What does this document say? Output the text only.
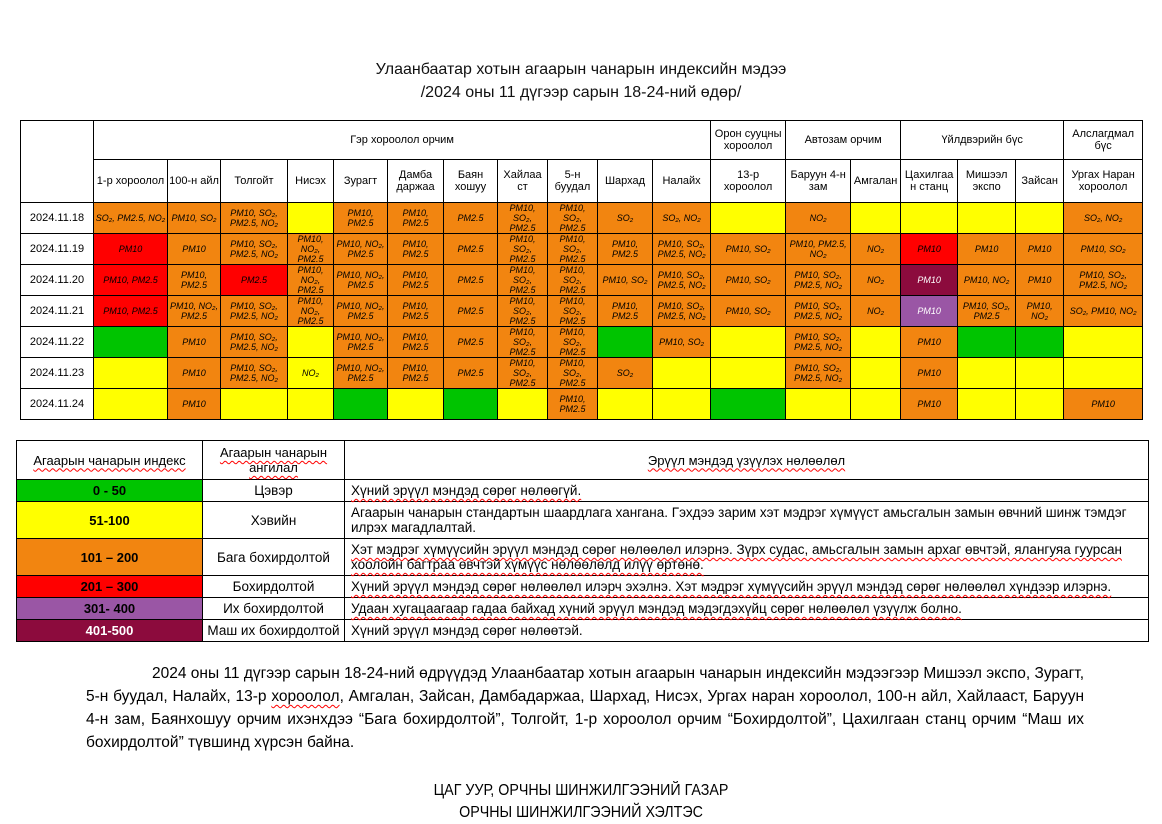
Улаанбаатар хотын агаарын чанарын индексийн мэдээ
/2024 оны 11 дүгээр сарын 18-24-ний өдөр/
	Гэр хороолол орчим											Орон сууцны хороолол	Автозам орчим		Үйлдвэрийн бүс			Алслагдмал бүс
	1-р хороолол	100-н айл	Толгойт	Нисэх	Зурагт	Дамба даржаа	Баян хошуу	Хайлаа ст	5-н буудал	Шархад	Налайх	13-р хороолол	Баруун 4-н зам	Амгалан	Цахилгаан станц	Мишээл экспо	Зайсан	Ургах Наран хороолол
2024.11.18	SO₂, PM2.5, NO₂	PM10, SO₂	PM10, SO₂, PM2.5, NO₂		PM10, PM2.5	PM10, PM2.5	PM2.5	PM10, SO₂, PM2.5	PM10, SO₂, PM2.5	SO₂	SO₂, NO₂		NO₂					SO₂, NO₂
2024.11.19	PM10	PM10	PM10, SO₂, PM2.5, NO₂	PM10, NO₂, PM2.5	PM10, NO₂, PM2.5	PM10, PM2.5	PM2.5	PM10, SO₂, PM2.5	PM10, SO₂, PM2.5	PM10, PM2.5	PM10, SO₂, PM2.5, NO₂	PM10, SO₂	PM10, PM2.5, NO₂	NO₂	PM10	PM10	PM10	PM10, SO₂
2024.11.20	PM10, PM2.5	PM10, PM2.5	PM2.5	PM10, NO₂, PM2.5	PM10, NO₂, PM2.5	PM10, PM2.5	PM2.5	PM10, SO₂, PM2.5	PM10, SO₂, PM2.5	PM10, SO₂	PM10, SO₂, PM2.5, NO₂	PM10, SO₂	PM10, SO₂, PM2.5, NO₂	NO₂	PM10	PM10, NO₂	PM10	PM10, SO₂, PM2.5, NO₂
2024.11.21	PM10, PM2.5	PM10, NO₂, PM2.5	PM10, SO₂, PM2.5, NO₂	PM10, NO₂, PM2.5	PM10, NO₂, PM2.5	PM10, PM2.5	PM2.5	PM10, SO₂, PM2.5	PM10, SO₂, PM2.5	PM10, PM2.5	PM10, SO₂, PM2.5, NO₂	PM10, SO₂	PM10, SO₂, PM2.5, NO₂	NO₂	PM10	PM10, SO₂, PM2.5	PM10, NO₂	SO₂, PM10, NO₂
2024.11.22		PM10	PM10, SO₂, PM2.5, NO₂		PM10, NO₂, PM2.5	PM10, PM2.5	PM2.5	PM10, SO₂, PM2.5	PM10, SO₂, PM2.5		PM10, SO₂		PM10, SO₂, PM2.5, NO₂		PM10			
2024.11.23		PM10	PM10, SO₂, PM2.5, NO₂	NO₂	PM10, NO₂, PM2.5	PM10, PM2.5	PM2.5	PM10, SO₂, PM2.5	PM10, SO₂, PM2.5	SO₂			PM10, SO₂, PM2.5, NO₂		PM10			
2024.11.24		PM10							PM10, PM2.5						PM10			PM10
Агаарын чанарын индекс	Агаарын чанарын ангилал	Эрүүл мэндэд үзүүлэх нөлөөлөл
0 - 50	Цэвэр	Хүний эрүүл мэндэд сөрөг нөлөөгүй.
51-100	Хэвийн	Агаарын чанарын стандартын шаардлага хангана. Гэхдээ зарим хэт мэдрэг хүмүүст амьсгалын замын өвчний шинж тэмдэг илрэх магадлалтай.
101 – 200	Бага бохирдолтой	Хэт мэдрэг хүмүүсийн эрүүл мэндэд сөрөг нөлөөлөл илэрнэ. Зүрх судас, амьсгалын замын архаг өвчтэй, ялангуяа гуурсан хоолойн багтраа өвчтэй хүмүүс нөлөөлөлд илүү өртөнө.
201 – 300	Бохирдолтой	Хүний эрүүл мэндэд сөрөг нөлөөлөл илэрч эхэлнэ. Хэт мэдрэг хүмүүсийн эрүүл мэндэд сөрөг нөлөөлөл хүндээр илэрнэ.
301- 400	Их бохирдолтой	Удаан хугацаагаар гадаа байхад хүний эрүүл мэндэд мэдэгдэхүйц сөрөг нөлөөлөл үзүүлж болно.
401-500	Маш их бохирдолтой	Хүний эрүүл мэндэд сөрөг нөлөөтэй.

2024 оны 11 дүгээр сарын 18-24-ний өдрүүдэд Улаанбаатар хотын агаарын чанарын индексийн мэдээгээр Мишээл экспо, Зурагт, 5-н буудал, Налайх, 13-р хороолол, Амгалан, Зайсан, Дамбадаржаа, Шархад, Нисэх, Ургах наран хороолол, 100-н айл, Хайлааст, Баруун 4-н зам, Баянхошуу орчим ихэнхдээ “Бага бохирдолтой”, Толгойт, 1-р хороолол орчим “Бохирдолтой”, Цахилгаан станц орчим “Маш их бохирдолтой” түвшинд хүрсэн байна.

ЦАГ УУР, ОРЧНЫ ШИНЖИЛГЭЭНИЙ ГАЗАР
ОРЧНЫ ШИНЖИЛГЭЭНИЙ ХЭЛТЭС
